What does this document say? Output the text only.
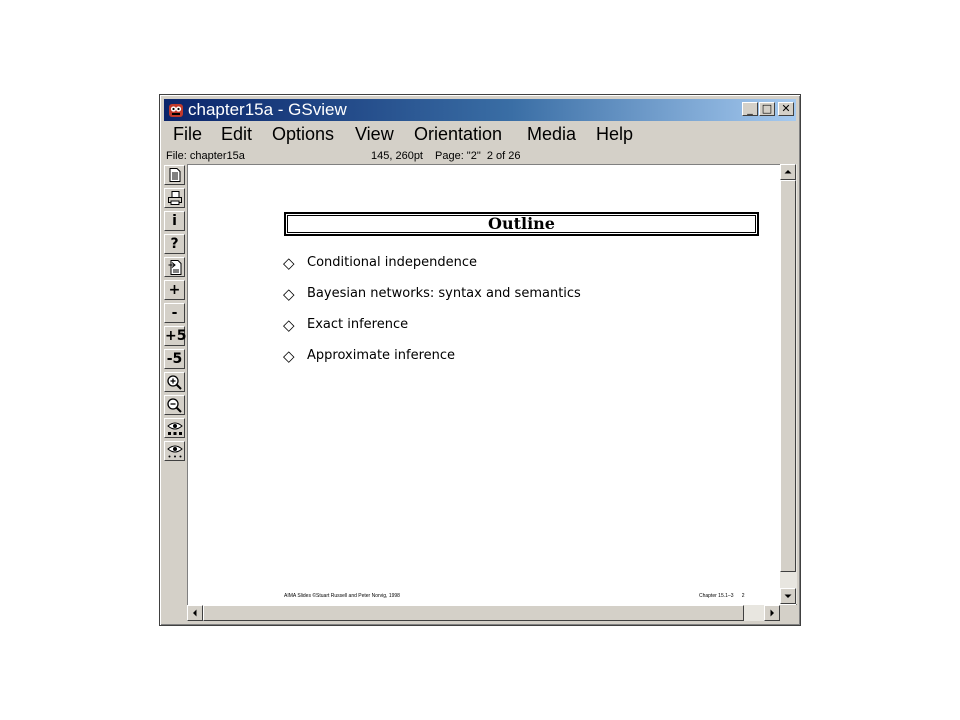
chapter15a - GSview	_ □ ✕
File Edit Options View Orientation Media Help
File: chapter15a	145, 260pt Page: "2"  2 of 26
i
?
+
-
+5
-5
Outline
◇ Conditional independence
◇ Bayesian networks: syntax and semantics
◇ Exact inference
◇ Approximate inference
AIMA Slides ©Stuart Russell and Peter Norvig, 1998	Chapter 15.1–3      2
